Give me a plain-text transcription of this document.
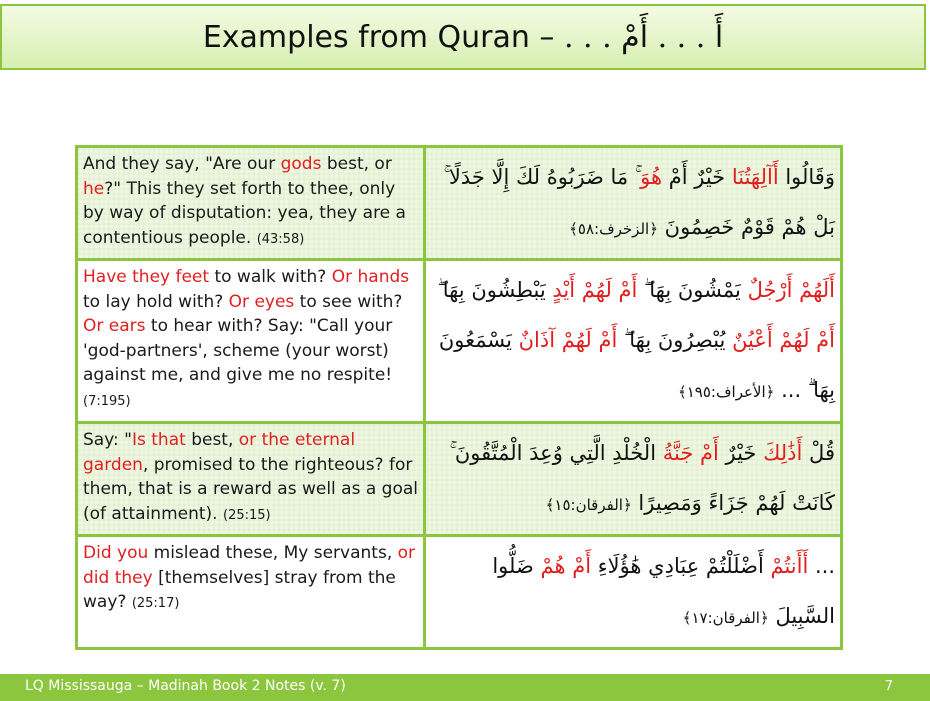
Examples from Quran – أَ . . . أَمْ . . .
And they say, "Are our gods best, or he?" This they set forth to thee, only by way of disputation: yea, they are a contentious people. (43:58)	وَقَالُوا أَآلِهَتُنَا خَيْرٌ أَمْ هُوَ ۚ مَا ضَرَبُوهُ لَكَ إِلَّا جَدَلًا ۚ بَلْ هُمْ قَوْمٌ خَصِمُونَ ﴿الزخرف:٥٨﴾
Have they feet to walk with? Or hands to lay hold with? Or eyes to see with? Or ears to hear with? Say: "Call your 'god-partners', scheme (your worst) against me, and give me no respite! (7:195)	أَلَهُمْ أَرْجُلٌ يَمْشُونَ بِهَا ۖ أَمْ لَهُمْ أَيْدٍ يَبْطِشُونَ بِهَا ۖ أَمْ لَهُمْ أَعْيُنٌ يُبْصِرُونَ بِهَا ۖ أَمْ لَهُمْ آذَانٌ يَسْمَعُونَ بِهَا ۗ ... ﴿الأعراف:١٩٥﴾
Say: "Is that best, or the eternal garden, promised to the righteous? for them, that is a reward as well as a goal (of attainment). (25:15)	قُلْ أَذَٰلِكَ خَيْرٌ أَمْ جَنَّةُ الْخُلْدِ الَّتِي وُعِدَ الْمُتَّقُونَ ۚ كَانَتْ لَهُمْ جَزَاءً وَمَصِيرًا ﴿الفرقان:١٥﴾
Did you mislead these, My servants, or did they [themselves] stray from the way? (25:17)	... أَأَنتُمْ أَضْلَلْتُمْ عِبَادِي هَٰؤُلَاءِ أَمْ هُمْ ضَلُّوا السَّبِيلَ ﴿الفرقان:١٧﴾
LQ Mississauga – Madinah Book 2 Notes (v. 7)	7
